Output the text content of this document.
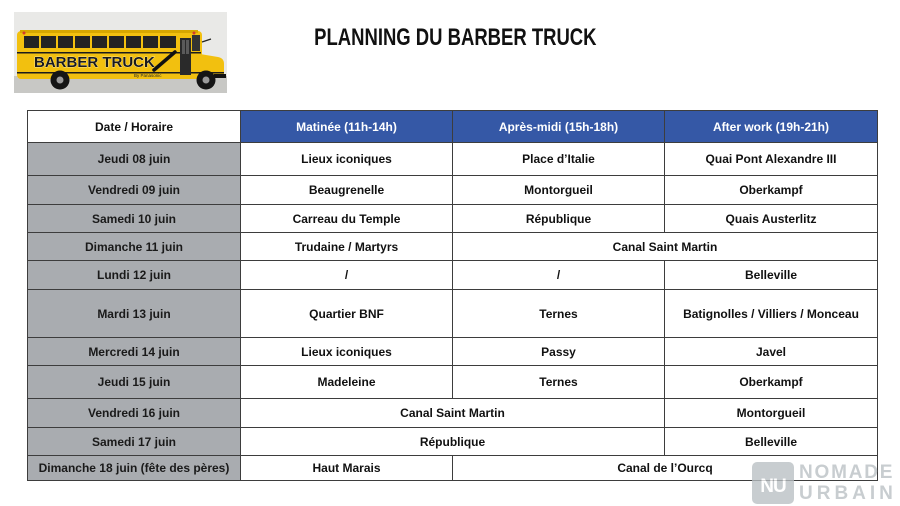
BARBER TRUCK
By Panasonic
PLANNING DU BARBER TRUCK
Date / Horaire	Matinée (11h-14h)	Après-midi (15h-18h)	After work (19h-21h)
Jeudi 08 juin	Lieux iconiques	Place d’Italie	Quai Pont Alexandre III
Vendredi 09 juin	Beaugrenelle	Montorgueil	Oberkampf
Samedi 10 juin	Carreau du Temple	République	Quais Austerlitz
Dimanche 11 juin	Trudaine / Martyrs	Canal Saint Martin	
Lundi 12 juin	/	/	Belleville
Mardi 13 juin	Quartier BNF	Ternes	Batignolles / Villiers / Monceau
Mercredi 14 juin	Lieux iconiques	Passy	Javel
Jeudi 15 juin	Madeleine	Ternes	Oberkampf
Vendredi 16 juin	Canal Saint Martin		Montorgueil
Samedi 17 juin	République		Belleville
Dimanche 18 juin (fête des pères)	Haut Marais	Canal de l’Ourcq	
NU
NOMADE
URBAIN
